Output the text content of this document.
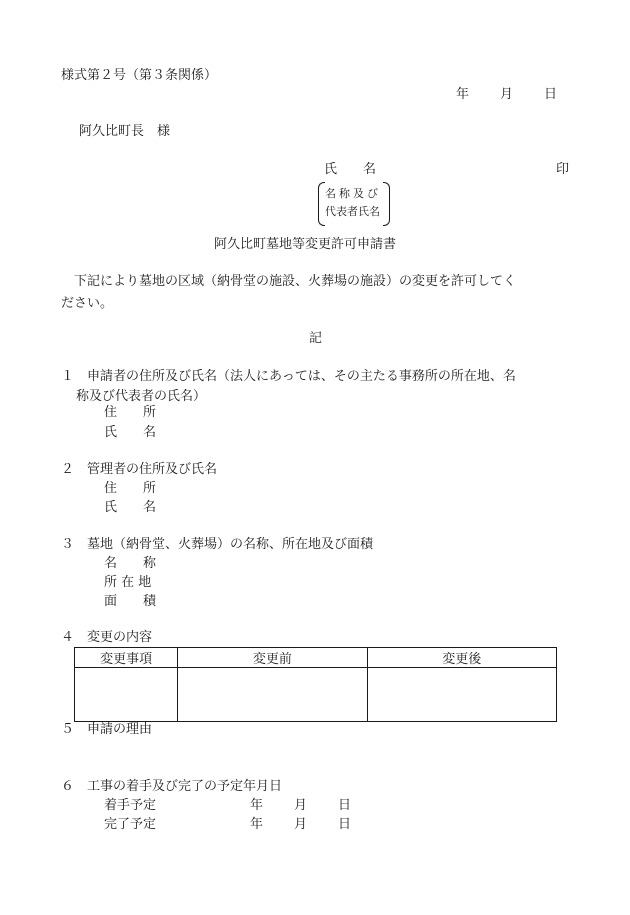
様式第２号（第３条関係）
年 月 日
阿久比町長　様
氏　　名	印
名称及び
代表者氏名
阿久比町墓地等変更許可申請書
　下記により墓地の区域（納骨堂の施設、火葬場の施設）の変更を許可してく
ださい。
記
１　申請者の住所及び氏名（法人にあっては、その主たる事務所の所在地、名
称及び代表者の氏名）
住　　所
氏　　名
２　管理者の住所及び氏名
住　　所
氏　　名
３　墓地（納骨堂、火葬場）の名称、所在地及び面積
名　　称
所 在 地
面　　積
４　変更の内容
変更事項	変更前	変更後

５　申請の理由
６　工事の着手及び完了の予定年月日
着手予定	年 月 日
完了予定	年 月 日
